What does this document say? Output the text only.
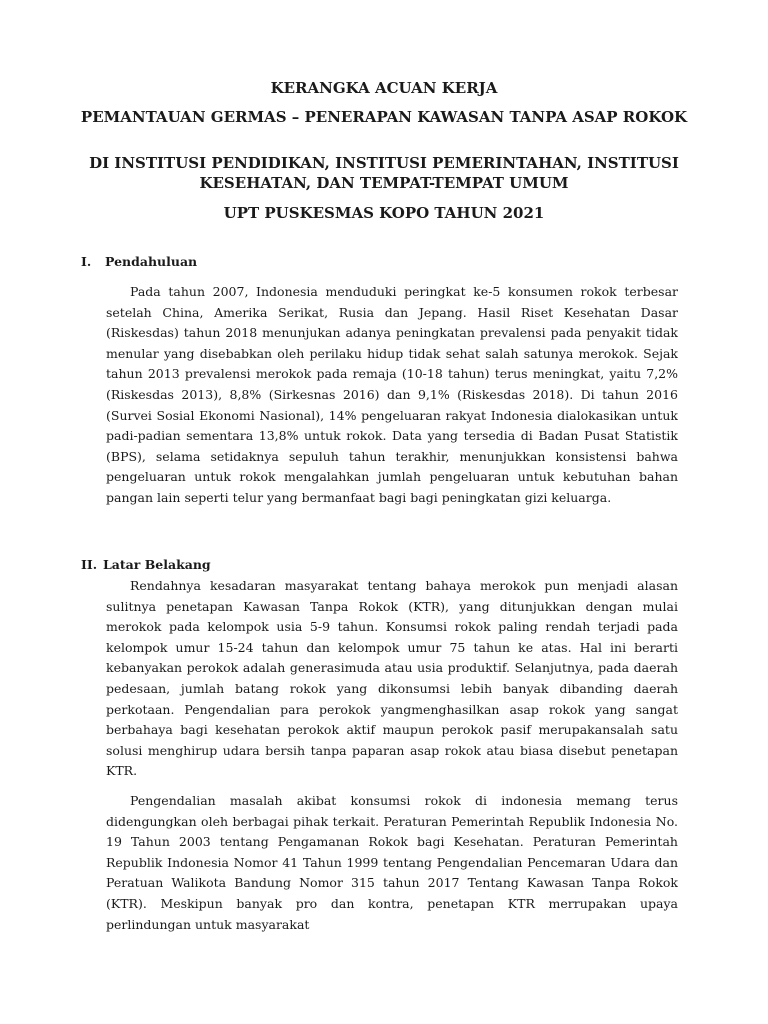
KERANGKA ACUAN KERJA
PEMANTAUAN GERMAS – PENERAPAN KAWASAN TANPA ASAP ROKOK
DI INSTITUSI PENDIDIKAN, INSTITUSI PEMERINTAHAN, INSTITUSI KESEHATAN, DAN TEMPAT-TEMPAT UMUM
UPT PUSKESMAS KOPO TAHUN 2021
I. Pendahuluan

Pada tahun 2007, Indonesia menduduki peringkat ke-5 konsumen rokok terbesar setelah China, Amerika Serikat, Rusia dan Jepang. Hasil Riset Kesehatan Dasar (Riskesdas) tahun 2018 menunjukan adanya peningkatan prevalensi pada penyakit tidak menular yang disebabkan oleh perilaku hidup tidak sehat salah satunya merokok. Sejak tahun 2013 prevalensi merokok pada remaja (10-18 tahun) terus meningkat, yaitu 7,2% (Riskesdas 2013), 8,8% (Sirkesnas 2016) dan 9,1% (Riskesdas 2018). Di tahun 2016 (Survei Sosial Ekonomi Nasional), 14% pengeluaran rakyat Indonesia dialokasikan untuk padi-padian sementara 13,8% untuk rokok. Data yang tersedia di Badan Pusat Statistik (BPS), selama setidaknya sepuluh tahun terakhir, menunjukkan konsistensi bahwa pengeluaran untuk rokok mengalahkan jumlah pengeluaran untuk kebutuhan bahan pangan lain seperti telur yang bermanfaat bagi bagi peningkatan gizi keluarga.

II. Latar Belakang

Rendahnya kesadaran masyarakat tentang bahaya merokok pun menjadi alasan sulitnya penetapan Kawasan Tanpa Rokok (KTR), yang ditunjukkan dengan mulai merokok pada kelompok usia 5-9 tahun. Konsumsi rokok paling rendah terjadi pada kelompok umur 15-24 tahun dan kelompok umur 75 tahun ke atas. Hal ini berarti kebanyakan perokok adalah generasimuda atau usia produktif. Selanjutnya, pada daerah pedesaan, jumlah batang rokok yang dikonsumsi lebih banyak dibanding daerah perkotaan. Pengendalian para perokok yangmenghasilkan asap rokok yang sangat berbahaya bagi kesehatan perokok aktif maupun perokok pasif merupakansalah satu solusi menghirup udara bersih tanpa paparan asap rokok atau biasa disebut penetapan KTR.

Pengendalian masalah akibat konsumsi rokok di indonesia memang terus didengungkan oleh berbagai pihak terkait. Peraturan Pemerintah Republik Indonesia No. 19 Tahun 2003 tentang Pengamanan Rokok bagi Kesehatan. Peraturan Pemerintah Republik Indonesia Nomor 41 Tahun 1999 tentang Pengendalian Pencemaran Udara dan Peratuan Walikota Bandung Nomor 315 tahun 2017 Tentang Kawasan Tanpa Rokok (KTR). Meskipun banyak pro dan kontra, penetapan KTR merrupakan upaya perlindungan untuk masyarakat
